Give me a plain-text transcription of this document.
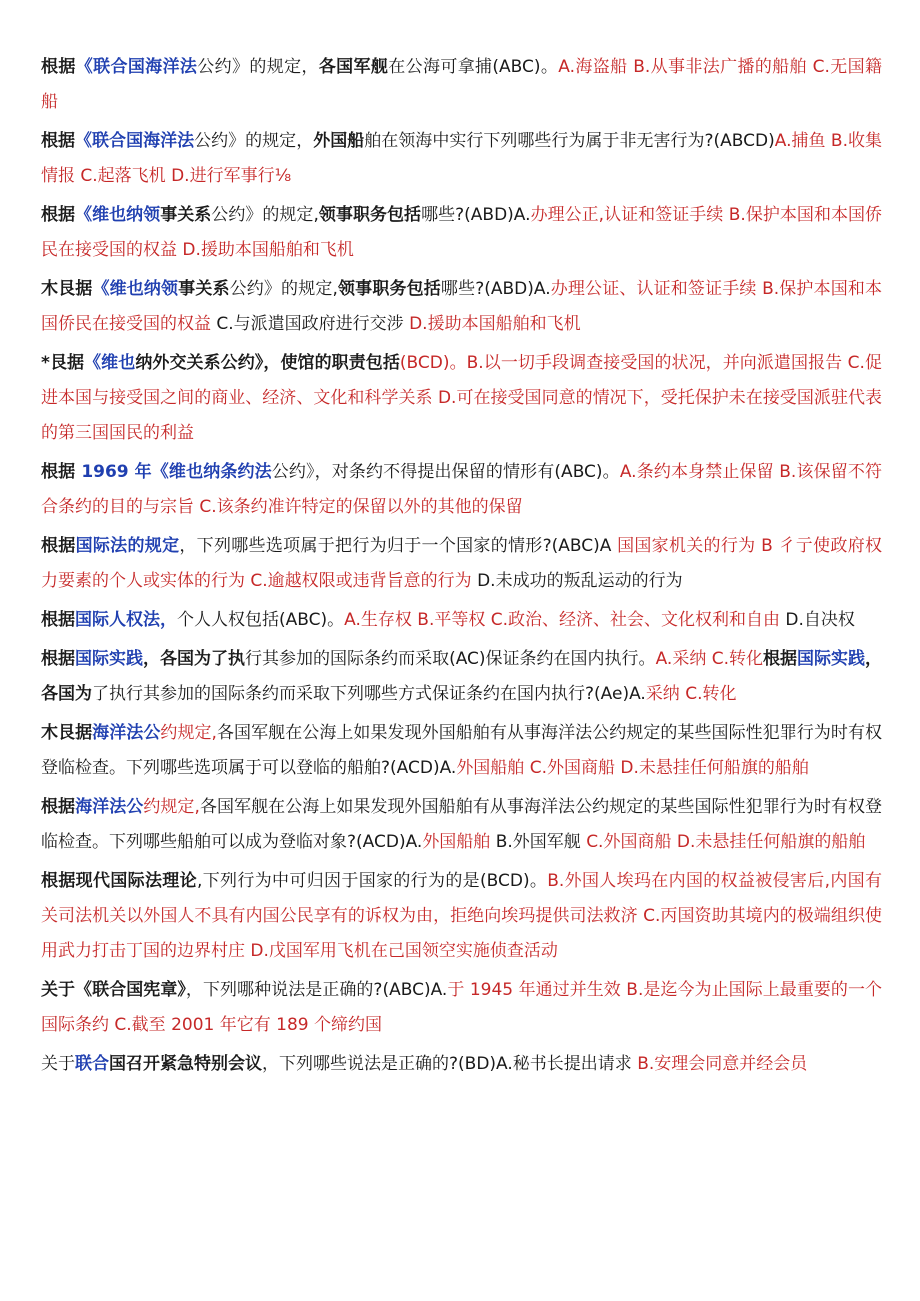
根据《联合国海洋法公约》的规定，各国军舰在公海可拿捕(ABC)。A.海盗船 B.从事非法广播的船舶 C.无国籍船

根据《联合国海洋法公约》的规定，外国船舶在领海中实行下列哪些行为属于非无害行为?(ABCD)A.捕鱼 B.收集情报 C.起落飞机 D.进行军事行⅛

根据《维也纳领事关系公约》的规定,领事职务包括哪些?(ABD)A.办理公正,认证和签证手续 B.保护本国和本国侨民在接受国的权益 D.援助本国船舶和飞机

木艮据《维也纳领事关系公约》的规定,领事职务包括哪些?(ABD)A.办理公证、认证和签证手续 B.保护本国和本国侨民在接受国的权益 C.与派遣国政府进行交涉 D.援助本国船舶和飞机

*艮据《维也纳外交关系公约》，使馆的职责包括(BCD)。B.以一切手段调查接受国的状况，并向派遣国报告 C.促进本国与接受国之间的商业、经济、文化和科学关系 D.可在接受国同意的情况下，受托保护未在接受国派驻代表的第三国国民的利益

根据 1969 年《维也纳条约法公约》，对条约不得提出保留的情形有(ABC)。A.条约本身禁止保留 B.该保留不符合条约的目的与宗旨 C.该条约准许特定的保留以外的其他的保留

根据国际法的规定，下列哪些选项属于把行为归于一个国家的情形?(ABC)A 国国家机关的行为 B 彳亍使政府权力要素的个人或实体的行为 C.逾越权限或违背旨意的行为 D.未成功的叛乱运动的行为

根据国际人权法，个人人权包括(ABC)。A.生存权 B.平等权 C.政治、经济、社会、文化权利和自由 D.自决权

根据国际实践，各国为了执行其参加的国际条约而采取(AC)保证条约在国内执行。A.采纳 C.转化根据国际实践，各国为了执行其参加的国际条约而采取下列哪些方式保证条约在国内执行?(Ae)A.采纳 C.转化

木艮据海洋法公约规定,各国军舰在公海上如果发现外国船舶有从事海洋法公约规定的某些国际性犯罪行为时有权登临检查。下列哪些选项属于可以登临的船舶?(ACD)A.外国船舶 C.外国商船 D.未悬挂任何船旗的船舶

根据海洋法公约规定,各国军舰在公海上如果发现外国船舶有从事海洋法公约规定的某些国际性犯罪行为时有权登临检查。下列哪些船舶可以成为登临对象?(ACD)A.外国船舶 B.外国军舰 C.外国商船 D.未悬挂任何船旗的船舶

根据现代国际法理论,下列行为中可归因于国家的行为的是(BCD)。B.外国人埃玛在内国的权益被侵害后,内国有关司法机关以外国人不具有内国公民享有的诉权为由，拒绝向埃玛提供司法救济 C.丙国资助其境内的极端组织使用武力打击丁国的边界村庄 D.戊国军用飞机在己国领空实施侦查活动

关于《联合国宪章》，下列哪种说法是正确的?(ABC)A.于 1945 年通过并生效 B.是迄今为止国际上最重要的一个国际条约 C.截至 2001 年它有 189 个缔约国

关于联合国召开紧急特别会议，下列哪些说法是正确的?(BD)A.秘书长提出请求 B.安理会同意并经会员
